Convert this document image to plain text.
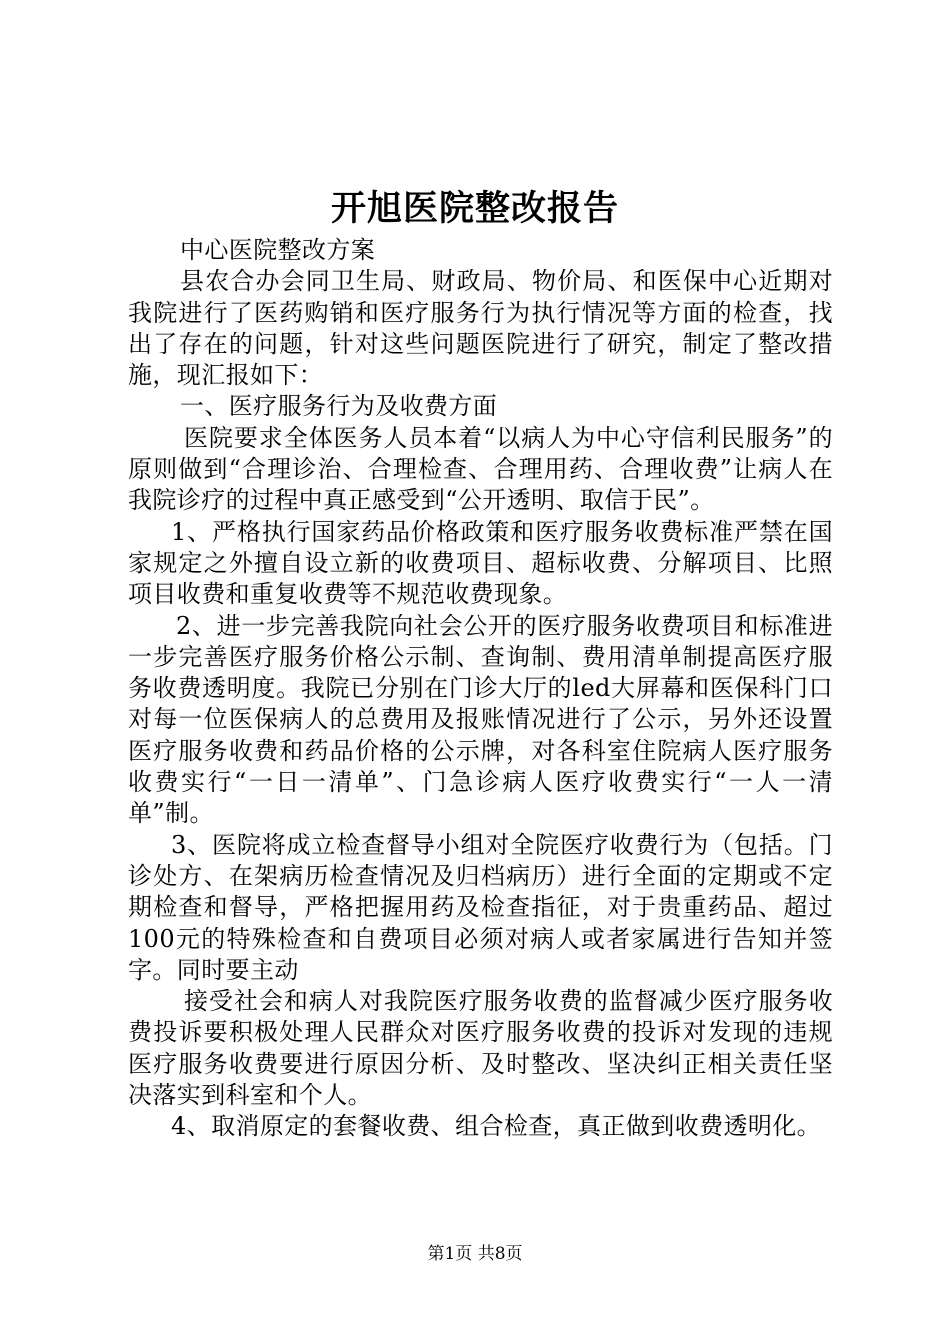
开旭医院整改报告

中心医院整改方案

县农合办会同卫生局、财政局、物价局、和医保中心近期对我院进行了医药购销和医疗服务行为执行情况等方面的检查，找出了存在的问题，针对这些问题医院进行了研究，制定了整改措施，现汇报如下：

一、医疗服务行为及收费方面

医院要求全体医务人员本着“以病人为中心守信利民服务”的原则做到“合理诊治、合理检查、合理用药、合理收费”让病人在我院诊疗的过程中真正感受到“公开透明、取信于民”。

1、严格执行国家药品价格政策和医疗服务收费标准严禁在国家规定之外擅自设立新的收费项目、超标收费、分解项目、比照项目收费和重复收费等不规范收费现象。

2、进一步完善我院向社会公开的医疗服务收费项目和标准进一步完善医疗服务价格公示制、查询制、费用清单制提高医疗服务收费透明度。我院已分别在门诊大厅的led大屏幕和医保科门口对每一位医保病人的总费用及报账情况进行了公示，另外还设置医疗服务收费和药品价格的公示牌，对各科室住院病人医疗服务收费实行“一日一清单”、门急诊病人医疗收费实行“一人一清单”制。

3、医院将成立检查督导小组对全院医疗收费行为（包括。门诊处方、在架病历检查情况及归档病历）进行全面的定期或不定期检查和督导，严格把握用药及检查指征，对于贵重药品、超过100元的特殊检查和自费项目必须对病人或者家属进行告知并签字。同时要主动

接受社会和病人对我院医疗服务收费的监督减少医疗服务收费投诉要积极处理人民群众对医疗服务收费的投诉对发现的违规医疗服务收费要进行原因分析、及时整改、坚决纠正相关责任坚决落实到科室和个人。

4、取消原定的套餐收费、组合检查，真正做到收费透明化。

第1页 共8页
